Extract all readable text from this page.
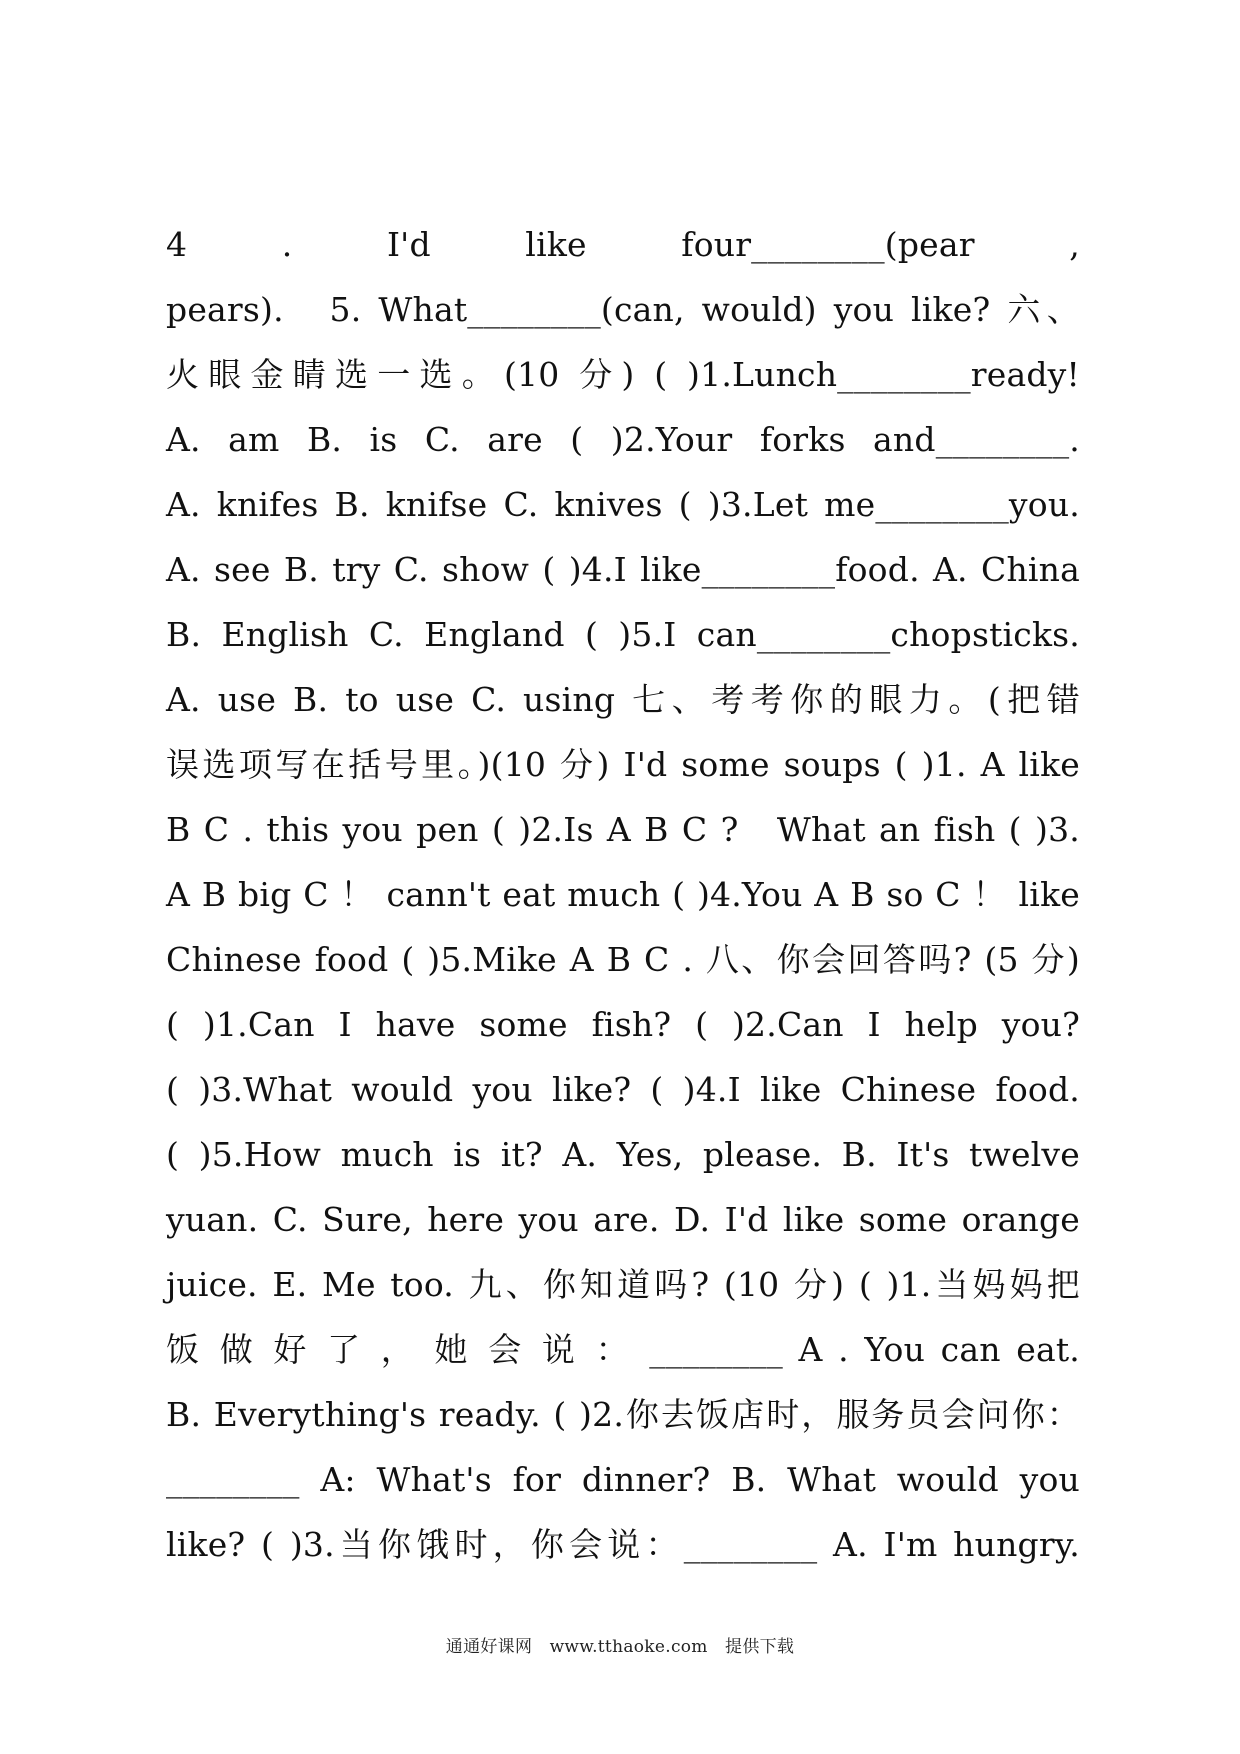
4　.　I'd　like　four________(pear　,
pears).　5. What________(can, would) you like? 六、
火眼金睛选一选。(10 分) ( )1.Lunch________ready!
A. am B. is C. are ( )2.Your forks and________.
A. knifes B. knifse C. knives ( )3.Let me________you.
A. see B. try C. show ( )4.I like________food. A. China
B. English C. England ( )5.I can________chopsticks.
A. use B. to use C. using 七、考考你的眼力。(把错
误选项写在括号里。)(10 分) I'd some soups ( )1. A like
B C . this you pen ( )2.Is A B C ?　What an fish ( )3.
A B big C ！ cann't eat much ( )4.You A B so C ！ like
Chinese food ( )5.Mike A B C . 八、你会回答吗? (5 分)
( )1.Can I have some fish? ( )2.Can I help you?
( )3.What would you like? ( )4.I like Chinese food.
( )5.How much is it? A. Yes, please. B. It's twelve
yuan. C. Sure, here you are. D. I'd like some orange
juice. E. Me too. 九、你知道吗? (10 分) ( )1.当妈妈把
饭 做 好 了 ， 她 会 说 ： ________ A . You can eat.
B. Everything's ready. ( )2.你去饭店时，服务员会问你：
________ A: What's for dinner? B. What would you
like? ( )3.当你饿时，你会说：________ A. I'm hungry.
通通好课网　www.tthaoke.com　提供下载
